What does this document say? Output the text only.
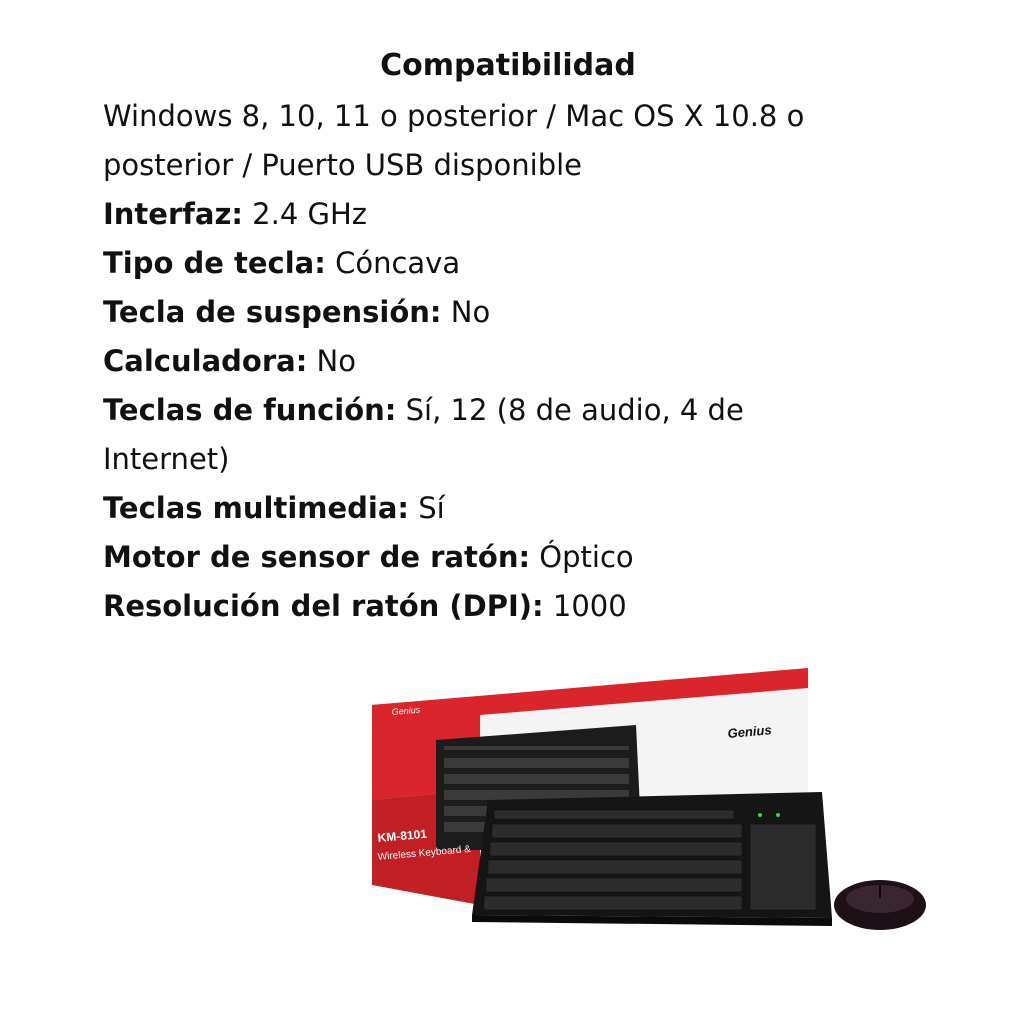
Compatibilidad
Windows 8, 10, 11 o posterior / Mac OS X 10.8 o
posterior / Puerto USB disponible
Interfaz: 2.4 GHz
Tipo de tecla: Cóncava
Tecla de suspensión: No
Calculadora: No
Teclas de función: Sí, 12 (8 de audio, 4 de
Internet)
Teclas multimedia: Sí
Motor de sensor de ratón: Óptico
Resolución del ratón (DPI): 1000
Genius
Genius
KM-8101
Wireless Keyboard &
